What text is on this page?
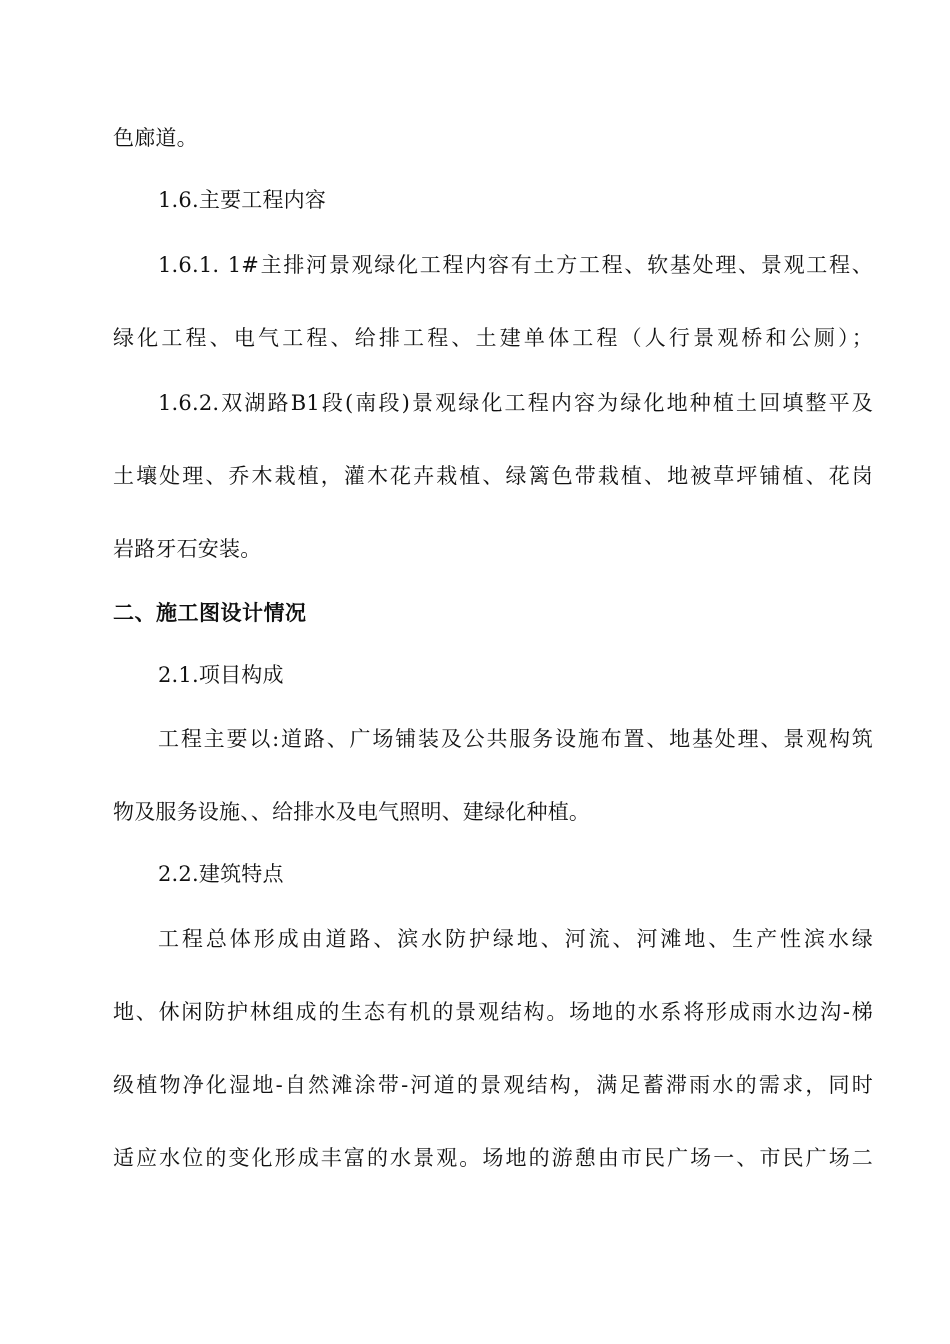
色廊道。
1.6.主要工程内容
1.6.1. 1#主排河景观绿化工程内容有土方工程、软基处理、景观工程、
绿化工程、电气工程、给排工程、土建单体工程（人行景观桥和公厕）；
1.6.2.双湖路B1段(南段)景观绿化工程内容为绿化地种植土回填整平及
土壤处理、乔木栽植，灌木花卉栽植、绿篱色带栽植、地被草坪铺植、花岗
岩路牙石安装。
二、施工图设计情况
2.1.项目构成
工程主要以:道路、广场铺装及公共服务设施布置、地基处理、景观构筑
物及服务设施、、给排水及电气照明、建绿化种植。
2.2.建筑特点
工程总体形成由道路、滨水防护绿地、河流、河滩地、生产性滨水绿
地、休闲防护林组成的生态有机的景观结构。场地的水系将形成雨水边沟-梯
级植物净化湿地-自然滩涂带-河道的景观结构，满足蓄滞雨水的需求，同时
适应水位的变化形成丰富的水景观。场地的游憩由市民广场一、市民广场二
